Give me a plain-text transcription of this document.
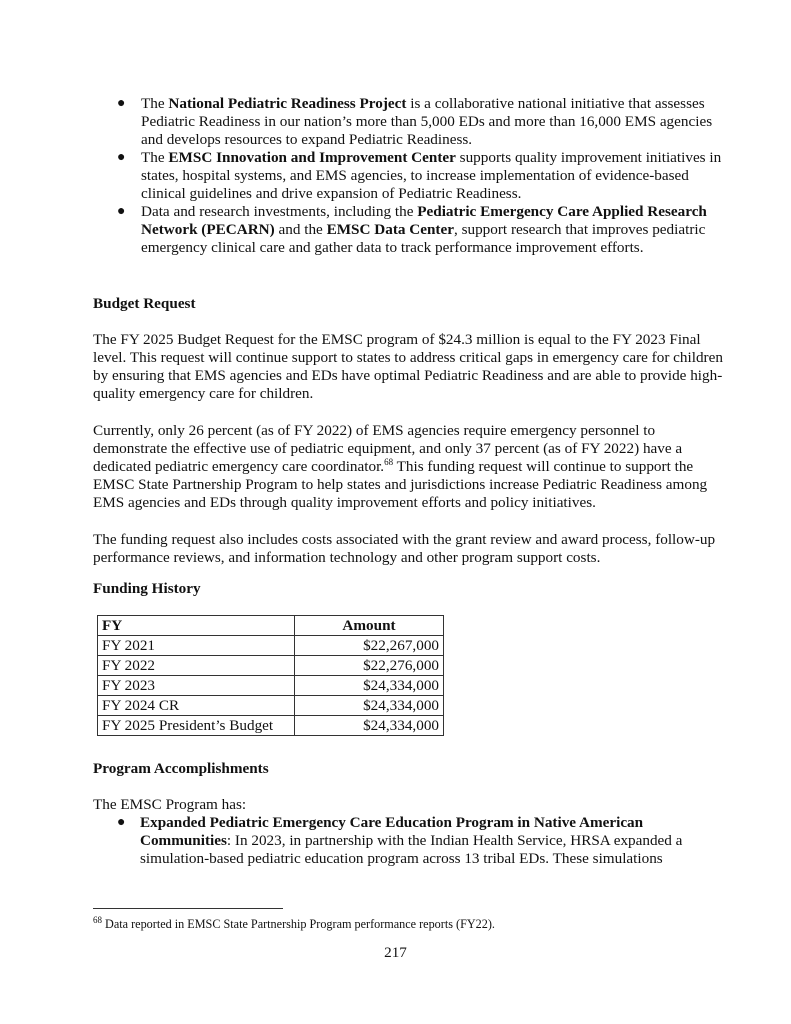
● The National Pediatric Readiness Project is a collaborative national initiative that assesses Pediatric Readiness in our nation’s more than 5,000 EDs and more than 16,000 EMS agencies and develops resources to expand Pediatric Readiness.
● The EMSC Innovation and Improvement Center supports quality improvement initiatives in states, hospital systems, and EMS agencies, to increase implementation of evidence-based clinical guidelines and drive expansion of Pediatric Readiness.
● Data and research investments, including the Pediatric Emergency Care Applied Research Network (PECARN) and the EMSC Data Center, support research that improves pediatric emergency clinical care and gather data to track performance improvement efforts.
Budget Request

The FY 2025 Budget Request for the EMSC program of $24.3 million is equal to the FY 2023 Final level. This request will continue support to states to address critical gaps in emergency care for children by ensuring that EMS agencies and EDs have optimal Pediatric Readiness and are able to provide high-quality emergency care for children.

Currently, only 26 percent (as of FY 2022) of EMS agencies require emergency personnel to demonstrate the effective use of pediatric equipment, and only 37 percent (as of FY 2022) have a dedicated pediatric emergency care coordinator.$^{68}$ This funding request will continue to support the EMSC State Partnership Program to help states and jurisdictions increase Pediatric Readiness among EMS agencies and EDs through quality improvement efforts and policy initiatives.

The funding request also includes costs associated with the grant review and award process, follow-up performance reviews, and information technology and other program support costs.

Funding History
FY	Amount
FY 2021	$22,267,000
FY 2022	$22,276,000
FY 2023	$24,334,000
FY 2024 CR	$24,334,000
FY 2025 President’s Budget	$24,334,000
Program Accomplishments

The EMSC Program has:

● Expanded Pediatric Emergency Care Education Program in Native American Communities: In 2023, in partnership with the Indian Health Service, HRSA expanded a simulation-based pediatric education program across 13 tribal EDs. These simulations
$^{68}$ Data reported in EMSC State Partnership Program performance reports (FY22).
217
